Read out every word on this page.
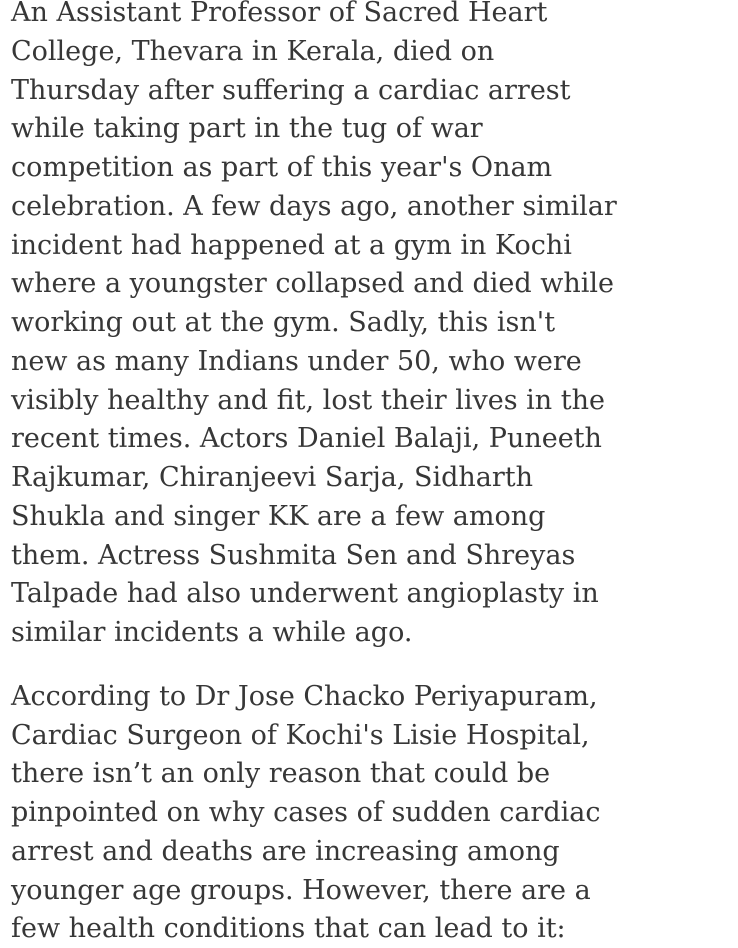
An Assistant Professor of Sacred Heart
College, Thevara in Kerala, died on
Thursday after suffering a cardiac arrest
while taking part in the tug of war
competition as part of this year's Onam
celebration. A few days ago, another similar
incident had happened at a gym in Kochi
where a youngster collapsed and died while
working out at the gym. Sadly, this isn't
new as many Indians under 50, who were
visibly healthy and fit, lost their lives in the
recent times. Actors Daniel Balaji, Puneeth
Rajkumar, Chiranjeevi Sarja, Sidharth
Shukla and singer KK are a few among
them. Actress Sushmita Sen and Shreyas
Talpade had also underwent angioplasty in
similar incidents a while ago.
According to Dr Jose Chacko Periyapuram,
Cardiac Surgeon of Kochi's Lisie Hospital,
there isn’t an only reason that could be
pinpointed on why cases of sudden cardiac
arrest and deaths are increasing among
younger age groups. However, there are a
few health conditions that can lead to it:
